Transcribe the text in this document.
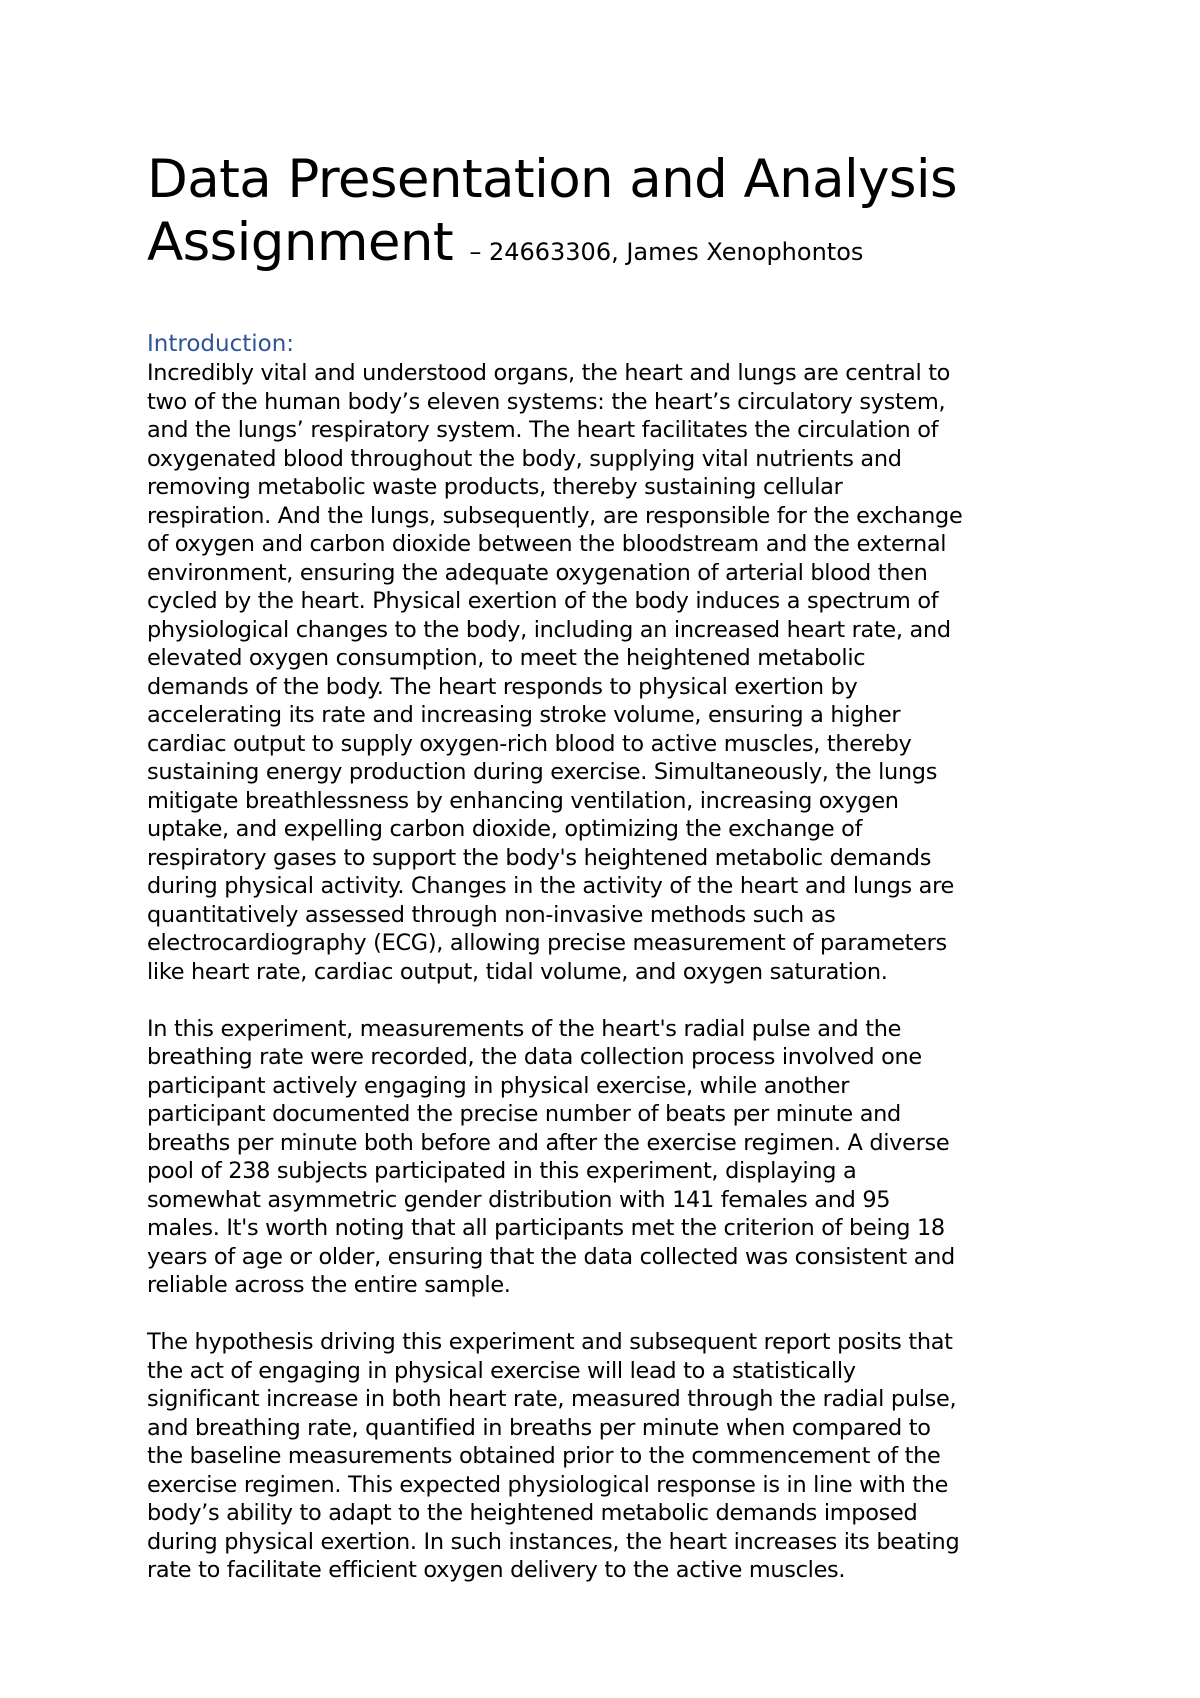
Data Presentation and Analysis Assignment – 24663306, James Xenophontos
Introduction:

Incredibly vital and understood organs, the heart and lungs are central to
two of the human body’s eleven systems: the heart’s circulatory system,
and the lungs’ respiratory system. The heart facilitates the circulation of
oxygenated blood throughout the body, supplying vital nutrients and
removing metabolic waste products, thereby sustaining cellular
respiration. And the lungs, subsequently, are responsible for the exchange
of oxygen and carbon dioxide between the bloodstream and the external
environment, ensuring the adequate oxygenation of arterial blood then
cycled by the heart. Physical exertion of the body induces a spectrum of
physiological changes to the body, including an increased heart rate, and
elevated oxygen consumption, to meet the heightened metabolic
demands of the body. The heart responds to physical exertion by
accelerating its rate and increasing stroke volume, ensuring a higher
cardiac output to supply oxygen-rich blood to active muscles, thereby
sustaining energy production during exercise. Simultaneously, the lungs
mitigate breathlessness by enhancing ventilation, increasing oxygen
uptake, and expelling carbon dioxide, optimizing the exchange of
respiratory gases to support the body's heightened metabolic demands
during physical activity. Changes in the activity of the heart and lungs are
quantitatively assessed through non-invasive methods such as
electrocardiography (ECG), allowing precise measurement of parameters
like heart rate, cardiac output, tidal volume, and oxygen saturation.

In this experiment, measurements of the heart's radial pulse and the
breathing rate were recorded, the data collection process involved one
participant actively engaging in physical exercise, while another
participant documented the precise number of beats per minute and
breaths per minute both before and after the exercise regimen. A diverse
pool of 238 subjects participated in this experiment, displaying a
somewhat asymmetric gender distribution with 141 females and 95
males. It's worth noting that all participants met the criterion of being 18
years of age or older, ensuring that the data collected was consistent and
reliable across the entire sample.

The hypothesis driving this experiment and subsequent report posits that
the act of engaging in physical exercise will lead to a statistically
significant increase in both heart rate, measured through the radial pulse,
and breathing rate, quantified in breaths per minute when compared to
the baseline measurements obtained prior to the commencement of the
exercise regimen. This expected physiological response is in line with the
body’s ability to adapt to the heightened metabolic demands imposed
during physical exertion. In such instances, the heart increases its beating
rate to facilitate efficient oxygen delivery to the active muscles.
